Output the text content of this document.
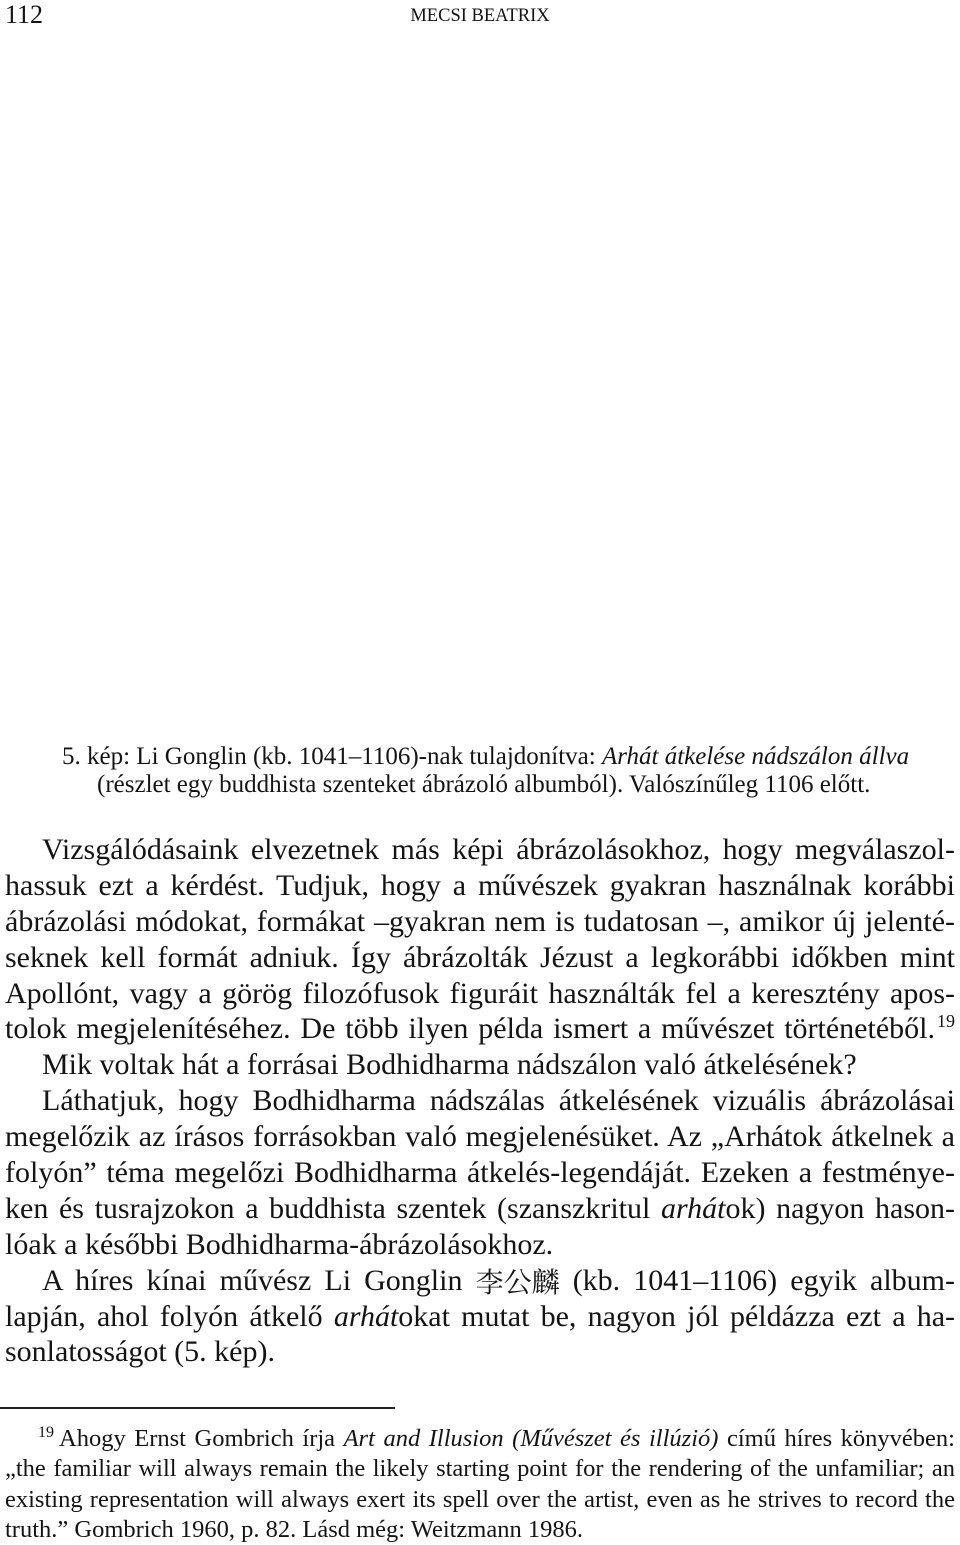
112	MECSI BEATRIX
5. kép: Li Gonglin (kb. 1041–1106)-nak tulajdonítva: Arhát átkelése nádszálon állva
(részlet egy buddhista szenteket ábrázoló albumból). Valószínűleg 1106 előtt.
Vizsgálódásaink elvezetnek más képi ábrázolásokhoz, hogy megválaszol-
hassuk ezt a kérdést. Tudjuk, hogy a művészek gyakran használnak korábbi
ábrázolási módokat, formákat –gyakran nem is tudatosan –, amikor új jelenté-
seknek kell formát adniuk. Így ábrázolták Jézust a legkorábbi időkben mint
Apollónt, vagy a görög filozófusok figuráit használták fel a keresztény apos-
tolok megjelenítéséhez. De több ilyen példa ismert a művészet történetéből. $^{19}$
Mik voltak hát a forrásai Bodhidharma nádszálon való átkelésének?
Láthatjuk, hogy Bodhidharma nádszálas átkelésének vizuális ábrázolásai
megelőzik az írásos forrásokban való megjelenésüket. Az „Arhátok átkelnek a
folyón” téma megelőzi Bodhidharma átkelés-legendáját. Ezeken a festménye-
ken és tusrajzokon a buddhista szentek (szanszkritul arhátok) nagyon hason-
lóak a későbbi Bodhidharma-ábrázolásokhoz.
A híres kínai művész Li Gonglin 李公麟 (kb. 1041–1106) egyik album-
lapján, ahol folyón átkelő arhátokat mutat be, nagyon jól példázza ezt a ha-
sonlatosságot (5. kép).
$^{19}$ Ahogy Ernst Gombrich írja Art and Illusion (Művészet és illúzió) című híres könyvében:
„the familiar will always remain the likely starting point for the rendering of the unfamiliar; an
existing representation will always exert its spell over the artist, even as he strives to record the
truth.” Gombrich 1960, p. 82. Lásd még: Weitzmann 1986.
